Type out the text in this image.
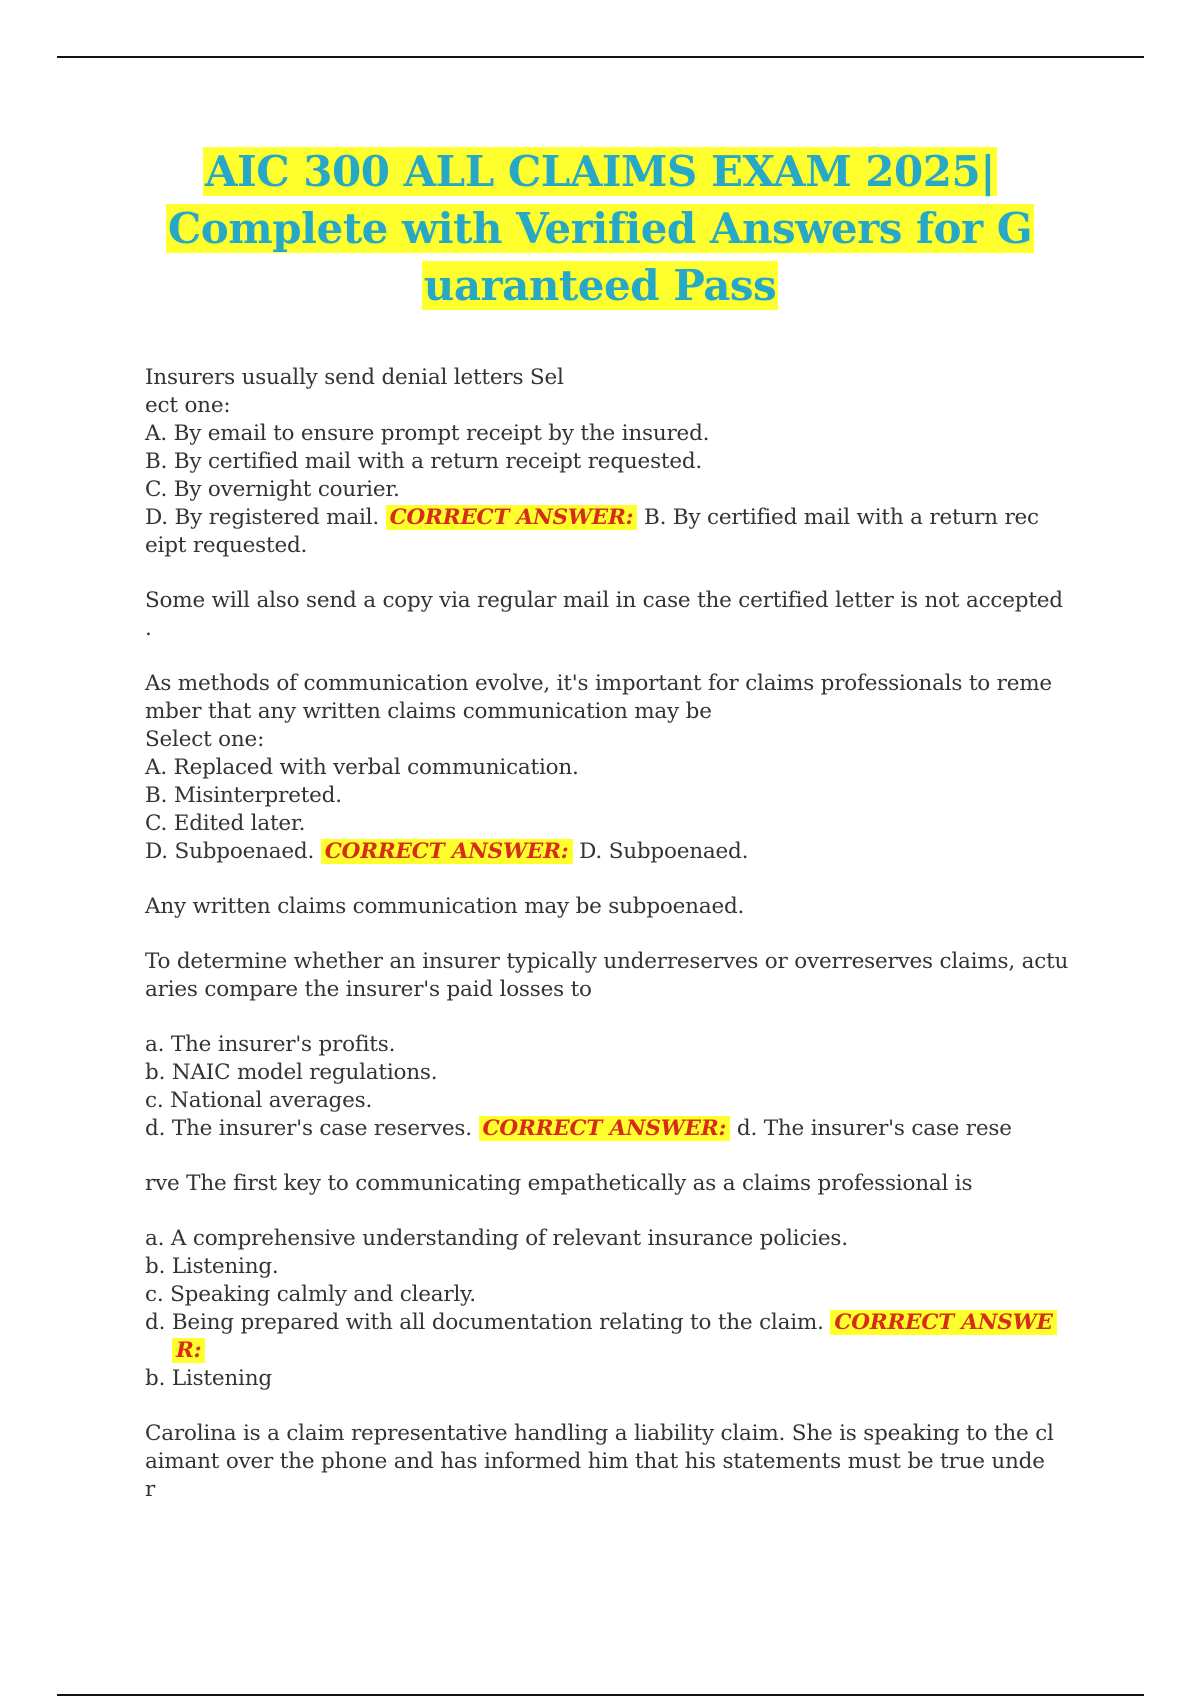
AIC 300 ALL CLAIMS EXAM 2025|
Complete with Verified Answers for G
uaranteed Pass
Insurers usually send denial letters Sel
ect one:
A. By email to ensure prompt receipt by the insured.
B. By certified mail with a return receipt requested.
C. By overnight courier.
D. By registered mail. CORRECT ANSWER: B. By certified mail with a return rec
eipt requested.
Some will also send a copy via regular mail in case the certified letter is not accepted
.
As methods of communication evolve, it's important for claims professionals to reme
mber that any written claims communication may be
Select one:
A. Replaced with verbal communication.
B. Misinterpreted.
C. Edited later.
D. Subpoenaed. CORRECT ANSWER: D. Subpoenaed.
Any written claims communication may be subpoenaed.
To determine whether an insurer typically underreserves or overreserves claims, actu
aries compare the insurer's paid losses to
a. The insurer's profits.
b. NAIC model regulations.
c. National averages.
d. The insurer's case reserves. CORRECT ANSWER: d. The insurer's case rese
rve The first key to communicating empathetically as a claims professional is
a. A comprehensive understanding of relevant insurance policies.
b. Listening.
c. Speaking calmly and clearly.
d. Being prepared with all documentation relating to the claim. CORRECT ANSWE
R:
b. Listening
Carolina is a claim representative handling a liability claim. She is speaking to the cl
aimant over the phone and has informed him that his statements must be true unde
r
